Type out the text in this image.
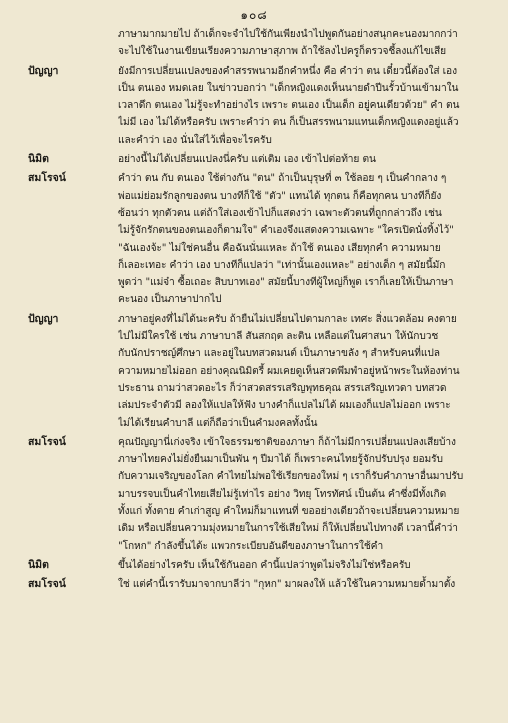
๑๐๘
ภาษามากมายไป ถ้าเด็กจะจำไปใช้กันเพียงนำไปพูดกันอย่างสนุกคะนองมากกว่า
จะไปใช้ในงานเขียนเรียงความภาษาสุภาพ ถ้าใช้ลงไปครูก็ตรวจชี้ลงแก้ไขเสีย
ปัญญา	ยังมีการเปลี่ยนแปลงของคำสรรพนามอีกคำหนึ่ง คือ คำว่า ตน เดี๋ยวนี้ต้องใส่ เอง
เป็น ตนเอง หมดเลย ในข่าวบอกว่า "เด็กหญิงแดงเห็นนายดำปีนรั้วบ้านเข้ามาใน
เวลาดึก ตนเอง ไม่รู้จะทำอย่างไร เพราะ ตนเอง เป็นเด็ก อยู่คนเดียวด้วย" คำ ตน
ไม่มี เอง ไม่ได้หรือครับ เพราะคำว่า ตน ก็เป็นสรรพนามแทนเด็กหญิงแดงอยู่แล้ว
และคำว่า เอง นั่นใส่ไว้เพื่อจะไรครับ
นิมิต	อย่างนี้ไม่ได้เปลี่ยนแปลงนี่ครับ แต่เติม เอง เข้าไปต่อท้าย ตน
สมโรจน์	คำว่า ตน กับ ตนเอง ใช้ต่างกัน "ตน" ถ้าเป็นบุรุษที่ ๓ ใช้ลอย ๆ เป็นคำกลาง ๆ
พ่อแม่ย่อมรักลูกของตน บางทีก็ใช้ "ตัว" แทนได้ ทุกตน ก็คือทุกคน บางทีก็ยัง
ซ้อนว่า ทุกตัวตน แต่ถ้าใส่เองเข้าไปก็แสดงว่า เฉพาะตัวตนที่ถูกกล่าวถึง เช่น
ไม่รู้จักรักตนของตนเองก็ตามใจ" คำเองจึงแสดงความเฉพาะ "ใครเปิดนั่งทิ้งไว้"
"ฉันเองจ้ะ" ไม่ใช่คนอื่น คือฉันนั่นแหละ ถ้าใช้ ตนเอง เสียทุกคำ ความหมาย
ก็เลอะเทอะ คำว่า เอง บางทีก็แปลว่า "เท่านั้นเองแหละ" อย่างเด็ก ๆ สมัยนี้มัก
พูดว่า "แม่จ๋า ซื้อเถอะ สิบบาทเอง" สมัยนี้บางทีผู้ใหญ่ก็พูด เราก็เลยให้เป็นภาษา
คะนอง เป็นภาษาปากไป
ปัญญา	ภาษาอยู่คงที่ไม่ได้นะครับ ถ้ายืนไม่เปลี่ยนไปตามกาละ เทศะ สิ่งแวดล้อม คงตาย
ไปไม่มีใครใช้ เช่น ภาษาบาลี สันสกฤต ละติน เหลือแต่ในศาสนา ให้นักบวช
กับนักปราชญ์ศึกษา และอยู่ในบทสวดมนต์ เป็นภาษาขลัง ๆ สำหรับคนที่แปล
ความหมายไม่ออก อย่างคุณนิมิตรี้ ผมเคยดูเห็นสวดพึมพำอยู่หน้าพระในห้องท่าน
ประธาน ถามว่าสวดอะไร ก็ว่าสวดสรรเสริญพุทธคุณ สรรเสริญเทวดา บทสวด
เล่มประจำตัวมี ลองให้แปลให้ฟัง บางคำก็แปลไม่ได้ ผมเองก็แปลไม่ออก เพราะ
ไม่ได้เรียนคำบาลี แต่ก็ถือว่าเป็นคำมงคลทั้งนั้น
สมโรจน์	คุณปัญญานี่เก่งจริง เข้าใจธรรมชาติของภาษา ก็ถ้าไม่มีการเปลี่ยนแปลงเสียบ้าง
ภาษาไทยคงไม่ยั่งยืนมาเป็นพัน ๆ ปีมาได้ ก็เพราะคนไทยรู้จักปรับปรุง ยอมรับ
กับความเจริญของโลก คำไทยไม่พอใช้เรียกของใหม่ ๆ เราก็รับคำภาษาอื่นมาปรับ
มาบรรจบเป็นคำไทยเสียไม่รู้เท่าไร อย่าง วิทยุ โทรทัศน์ เป็นต้น คำซึ่งมีทั้งเกิด
ทั้งแก่ ทั้งตาย คำเก่าสูญ คำใหม่ก็มาแทนที่ ขออย่างเดียวถ้าจะเปลี่ยนความหมาย
เดิม หรือเปลี่ยนความมุ่งหมายในการใช้เสียใหม่ ก็ให้เปลี่ยนไปทางดี เวลานี้คำว่า
"โกหก" กำลังขึ้นได้ะ แพวกระเบียบอันดีของภาษาในการใช้คำ
นิมิต	ขึ้นได้อย่างไรครับ เห็นใช้กันออก คำนี้แปลว่าพูดไม่จริงไม่ใช่หรือครับ
สมโรจน์	ใช่ แต่คำนี้เรารับมาจากบาลีว่า "กุหก" มาผลงให้ แล้วใช้ในความหมายด้ำมาตั้ง
